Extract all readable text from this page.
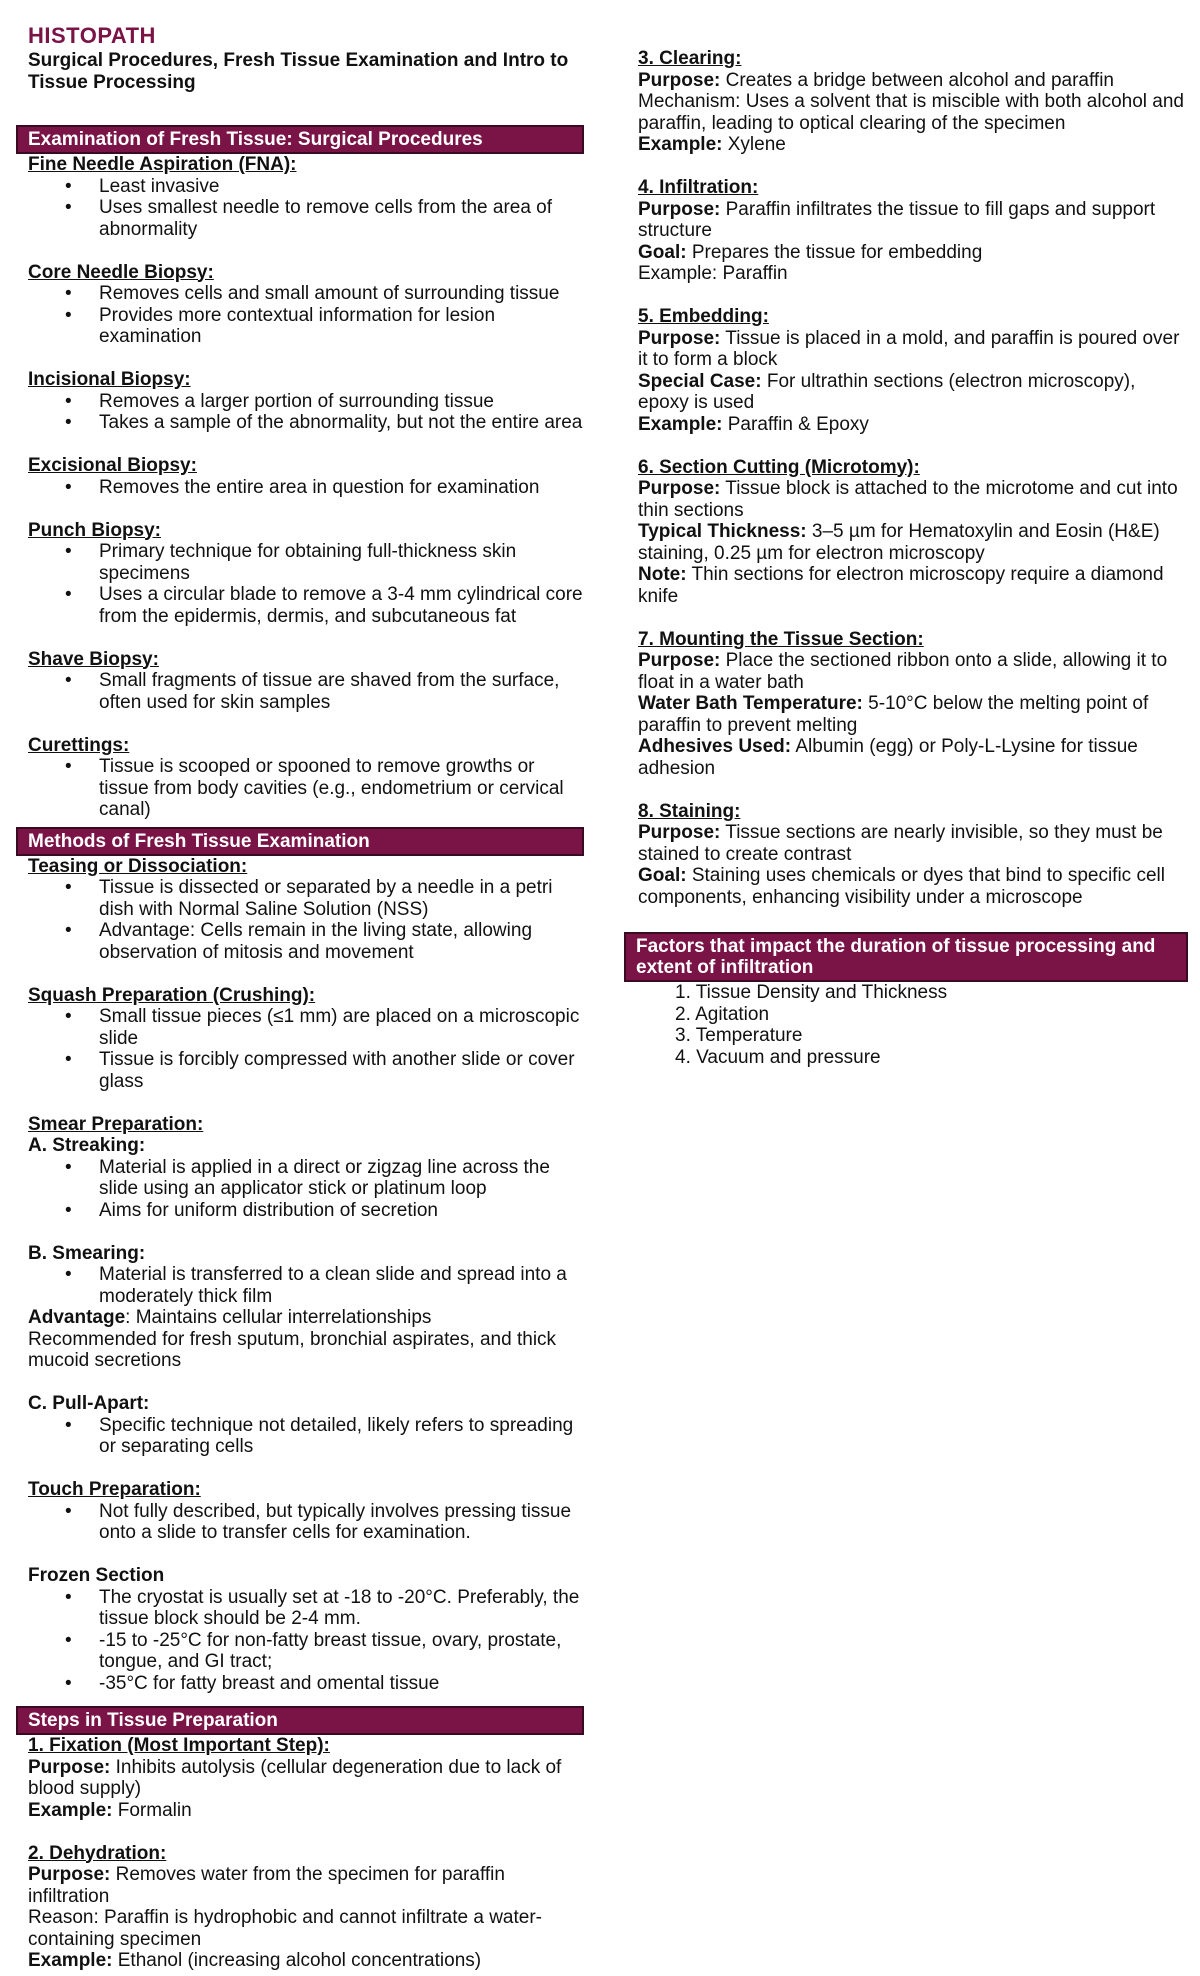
HISTOPATH
Surgical Procedures, Fresh Tissue Examination and Intro to Tissue Processing
Examination of Fresh Tissue: Surgical Procedures
Fine Needle Aspiration (FNA):
• Least invasive
• Uses smallest needle to remove cells from the area of abnormality
Core Needle Biopsy:
• Removes cells and small amount of surrounding tissue
• Provides more contextual information for lesion examination
Incisional Biopsy:
• Removes a larger portion of surrounding tissue
• Takes a sample of the abnormality, but not the entire area
Excisional Biopsy:
• Removes the entire area in question for examination
Punch Biopsy:
• Primary technique for obtaining full-thickness skin specimens
• Uses a circular blade to remove a 3-4 mm cylindrical core from the epidermis, dermis, and subcutaneous fat
Shave Biopsy:
• Small fragments of tissue are shaved from the surface, often used for skin samples
Curettings:
• Tissue is scooped or spooned to remove growths or tissue from body cavities (e.g., endometrium or cervical canal)
Methods of Fresh Tissue Examination
Teasing or Dissociation:
• Tissue is dissected or separated by a needle in a petri dish with Normal Saline Solution (NSS)
• Advantage: Cells remain in the living state, allowing observation of mitosis and movement
Squash Preparation (Crushing):
• Small tissue pieces (≤1 mm) are placed on a microscopic slide
• Tissue is forcibly compressed with another slide or cover glass
Smear Preparation:
A. Streaking:
• Material is applied in a direct or zigzag line across the slide using an applicator stick or platinum loop
• Aims for uniform distribution of secretion
B. Smearing:
• Material is transferred to a clean slide and spread into a moderately thick film
Advantage: Maintains cellular interrelationships
Recommended for fresh sputum, bronchial aspirates, and thick mucoid secretions
C. Pull-Apart:
• Specific technique not detailed, likely refers to spreading or separating cells
Touch Preparation:
• Not fully described, but typically involves pressing tissue onto a slide to transfer cells for examination.
Frozen Section
• The cryostat is usually set at -18 to -20°C. Preferably, the tissue block should be 2-4 mm.
• -15 to -25°C for non-fatty breast tissue, ovary, prostate, tongue, and GI tract;
• -35°C for fatty breast and omental tissue
Steps in Tissue Preparation
1. Fixation (Most Important Step):
Purpose: Inhibits autolysis (cellular degeneration due to lack of blood supply)
Example: Formalin
2. Dehydration:
Purpose: Removes water from the specimen for paraffin infiltration
Reason: Paraffin is hydrophobic and cannot infiltrate a water-containing specimen
Example: Ethanol (increasing alcohol concentrations)
3. Clearing:
Purpose: Creates a bridge between alcohol and paraffin
Mechanism: Uses a solvent that is miscible with both alcohol and paraffin, leading to optical clearing of the specimen
Example: Xylene
4. Infiltration:
Purpose: Paraffin infiltrates the tissue to fill gaps and support structure
Goal: Prepares the tissue for embedding
Example: Paraffin
5. Embedding:
Purpose: Tissue is placed in a mold, and paraffin is poured over it to form a block
Special Case: For ultrathin sections (electron microscopy), epoxy is used
Example: Paraffin & Epoxy
6. Section Cutting (Microtomy):
Purpose: Tissue block is attached to the microtome and cut into thin sections
Typical Thickness: 3–5 µm for Hematoxylin and Eosin (H&E) staining, 0.25 µm for electron microscopy
Note: Thin sections for electron microscopy require a diamond knife
7. Mounting the Tissue Section:
Purpose: Place the sectioned ribbon onto a slide, allowing it to float in a water bath
Water Bath Temperature: 5-10°C below the melting point of paraffin to prevent melting
Adhesives Used: Albumin (egg) or Poly-L-Lysine for tissue adhesion
8. Staining:
Purpose: Tissue sections are nearly invisible, so they must be stained to create contrast
Goal: Staining uses chemicals or dyes that bind to specific cell components, enhancing visibility under a microscope
Factors that impact the duration of tissue processing and extent of infiltration
1. Tissue Density and Thickness
2. Agitation
3. Temperature
4. Vacuum and pressure
